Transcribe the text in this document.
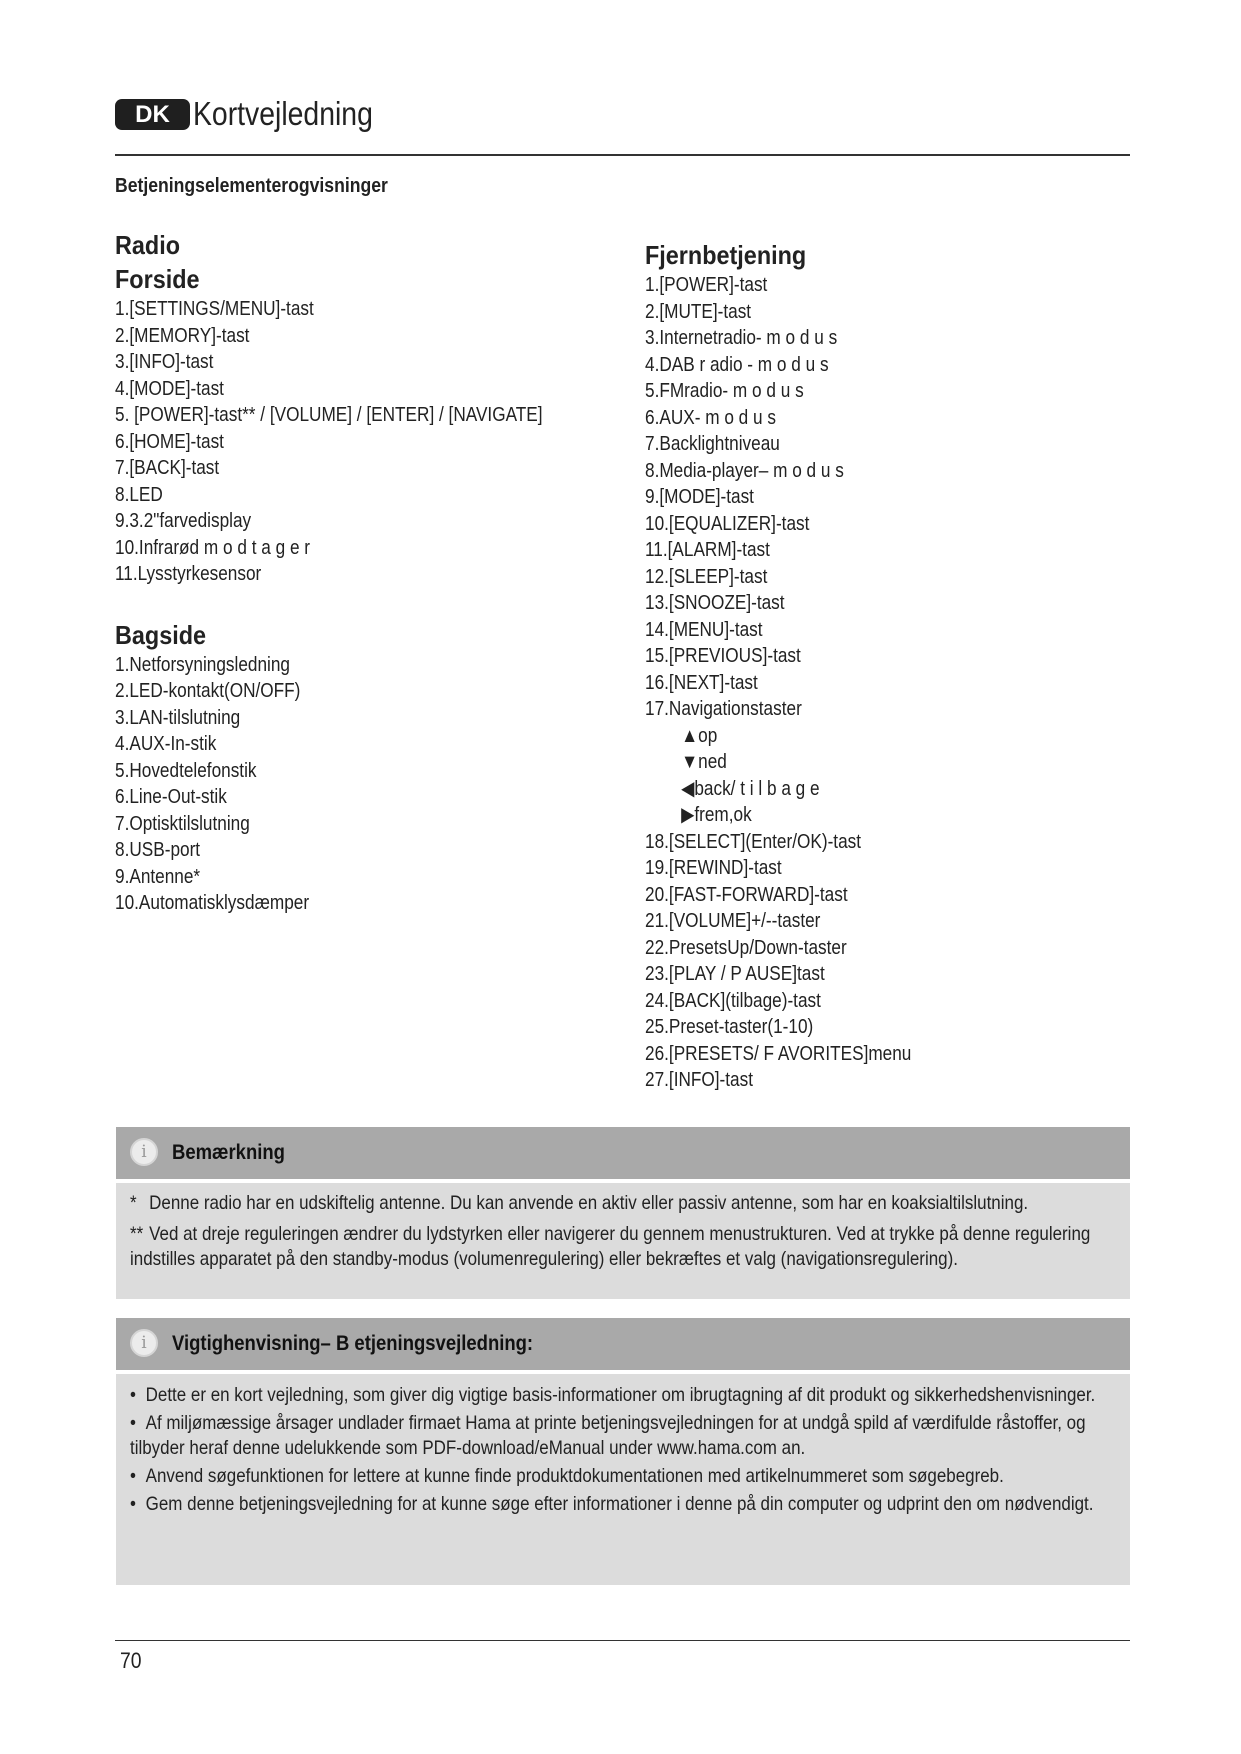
DK Kortvejledning
Betjeningselementerogvisninger
Radio
Forside
1.[SETTINGS/MENU]-tast
2.[MEMORY]-tast
3.[INFO]-tast
4.[MODE]-tast
5. [POWER]-tast** / [VOLUME] / [ENTER] / [NAVIGATE]
6.[HOME]-tast
7.[BACK]-tast
8.LED
9.3.2"farvedisplay
10.Infrarød m o d t a g e r
11.Lysstyrkesensor
Bagside
1.Netforsyningsledning
2.LED-kontakt(ON/OFF)
3.LAN-tilslutning
4.AUX-In-stik
5.Hovedtelefonstik
6.Line-Out-stik
7.Optisktilslutning
8.USB-port
9.Antenne*
10.Automatisklysdæmper
Fjernbetjening
1.[POWER]-tast
2.[MUTE]-tast
3.Internetradio- m o d u s
4.DAB r adio - m o d u s
5.FMradio- m o d u s
6.AUX- m o d u s
7.Backlightniveau
8.Media-player– m o d u s
9.[MODE]-tast
10.[EQUALIZER]-tast
11.[ALARM]-tast
12.[SLEEP]-tast
13.[SNOOZE]-tast
14.[MENU]-tast
15.[PREVIOUS]-tast
16.[NEXT]-tast
17.Navigationstaster
▲op
▼ned
◀back/ t i l b a g e
▶frem,ok
18.[SELECT](Enter/OK)-tast
19.[REWIND]-tast
20.[FAST-FORWARD]-tast
21.[VOLUME]+/--taster
22.PresetsUp/Down-taster
23.[PLAY / P AUSE]tast
24.[BACK](tilbage)-tast
25.Preset-taster(1-10)
26.[PRESETS/ F AVORITES]menu
27.[INFO]-tast
i	Bemærkning

* Denne radio har en udskiftelig antenne. Du kan anvende en aktiv eller passiv antenne, som har en koaksialtilslutning.

** Ved at dreje reguleringen ændrer du lydstyrken eller navigerer du gennem menustrukturen. Ved at trykke på denne regulering indstilles apparatet på den standby-modus (volumenregulering) eller bekræftes et valg (navigationsregulering).

i	Vigtighenvisning– B etjeningsvejledning:

• Dette er en kort vejledning, som giver dig vigtige basis-informationer om ibrugtagning af dit produkt og sikkerhedshenvisninger.

• Af miljømæssige årsager undlader firmaet Hama at printe betjeningsvejledningen for at undgå spild af værdifulde råstoffer, og tilbyder heraf denne udelukkende som PDF-download/eManual under www.hama.com an.

• Anvend søgefunktionen for lettere at kunne finde produktdokumentationen med artikelnummeret som søgebegreb.

• Gem denne betjeningsvejledning for at kunne søge efter informationer i denne på din computer og udprint den om nødvendigt.

70
